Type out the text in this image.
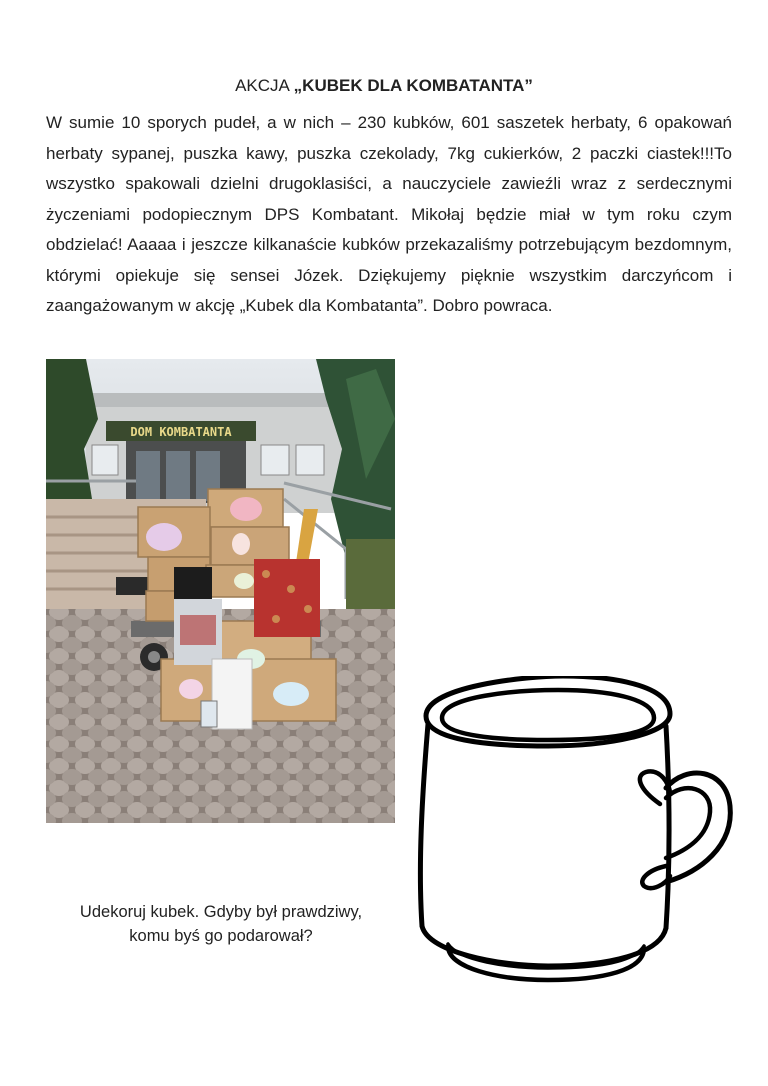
AKCJA „KUBEK DLA KOMBATANTA”
W sumie 10 sporych pudeł, a w nich – 230 kubków, 601 saszetek herbaty, 6 opakowań herbaty sypanej, puszka kawy, puszka czekolady, 7kg cukierków, 2 paczki ciastek!!!To wszystko spakowali dzielni drugoklasiści, a nauczyciele zawieźli wraz z serdecznymi życzeniami podopiecznym DPS Kombatant. Mikołaj będzie miał w tym roku czym obdzielać! Aaaaa i jeszcze kilkanaście kubków przekazaliśmy potrzebującym bezdomnym, którymi opiekuje się sensei Józek. Dziękujemy pięknie wszystkim darczyńcom i zaangażowanym w akcję „Kubek dla Kombatanta”. Dobro powraca.
DOM KOMBATANTA
Udekoruj kubek. Gdyby był prawdziwy,
komu byś go podarował?
